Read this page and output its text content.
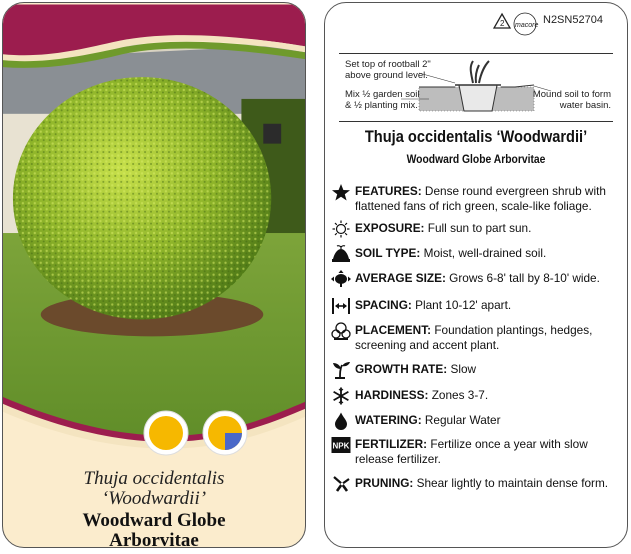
Thuja occidentalis
‘Woodwardii’
Woodward Globe
Arborvitae
2 macore N2SN52704
Set top of rootball 2"
above ground level.
Mix ½ garden soil
& ½ planting mix.
Mound soil to form
water basin.
Thuja occidentalis ‘Woodwardii’
Woodward Globe Arborvitae
FEATURES: Dense round evergreen shrub with flattened fans of rich green, scale-like foliage.
EXPOSURE: Full sun to part sun.
SOIL TYPE: Moist, well-drained soil.
AVERAGE SIZE: Grows 6-8' tall by 8-10' wide.
SPACING: Plant 10-12' apart.
PLACEMENT: Foundation plantings, hedges, screening and accent plant.
GROWTH RATE: Slow
HARDINESS: Zones 3-7.
WATERING: Regular Water
NPK FERTILIZER: Fertilize once a year with slow release fertilizer.
PRUNING: Shear lightly to maintain dense form.
